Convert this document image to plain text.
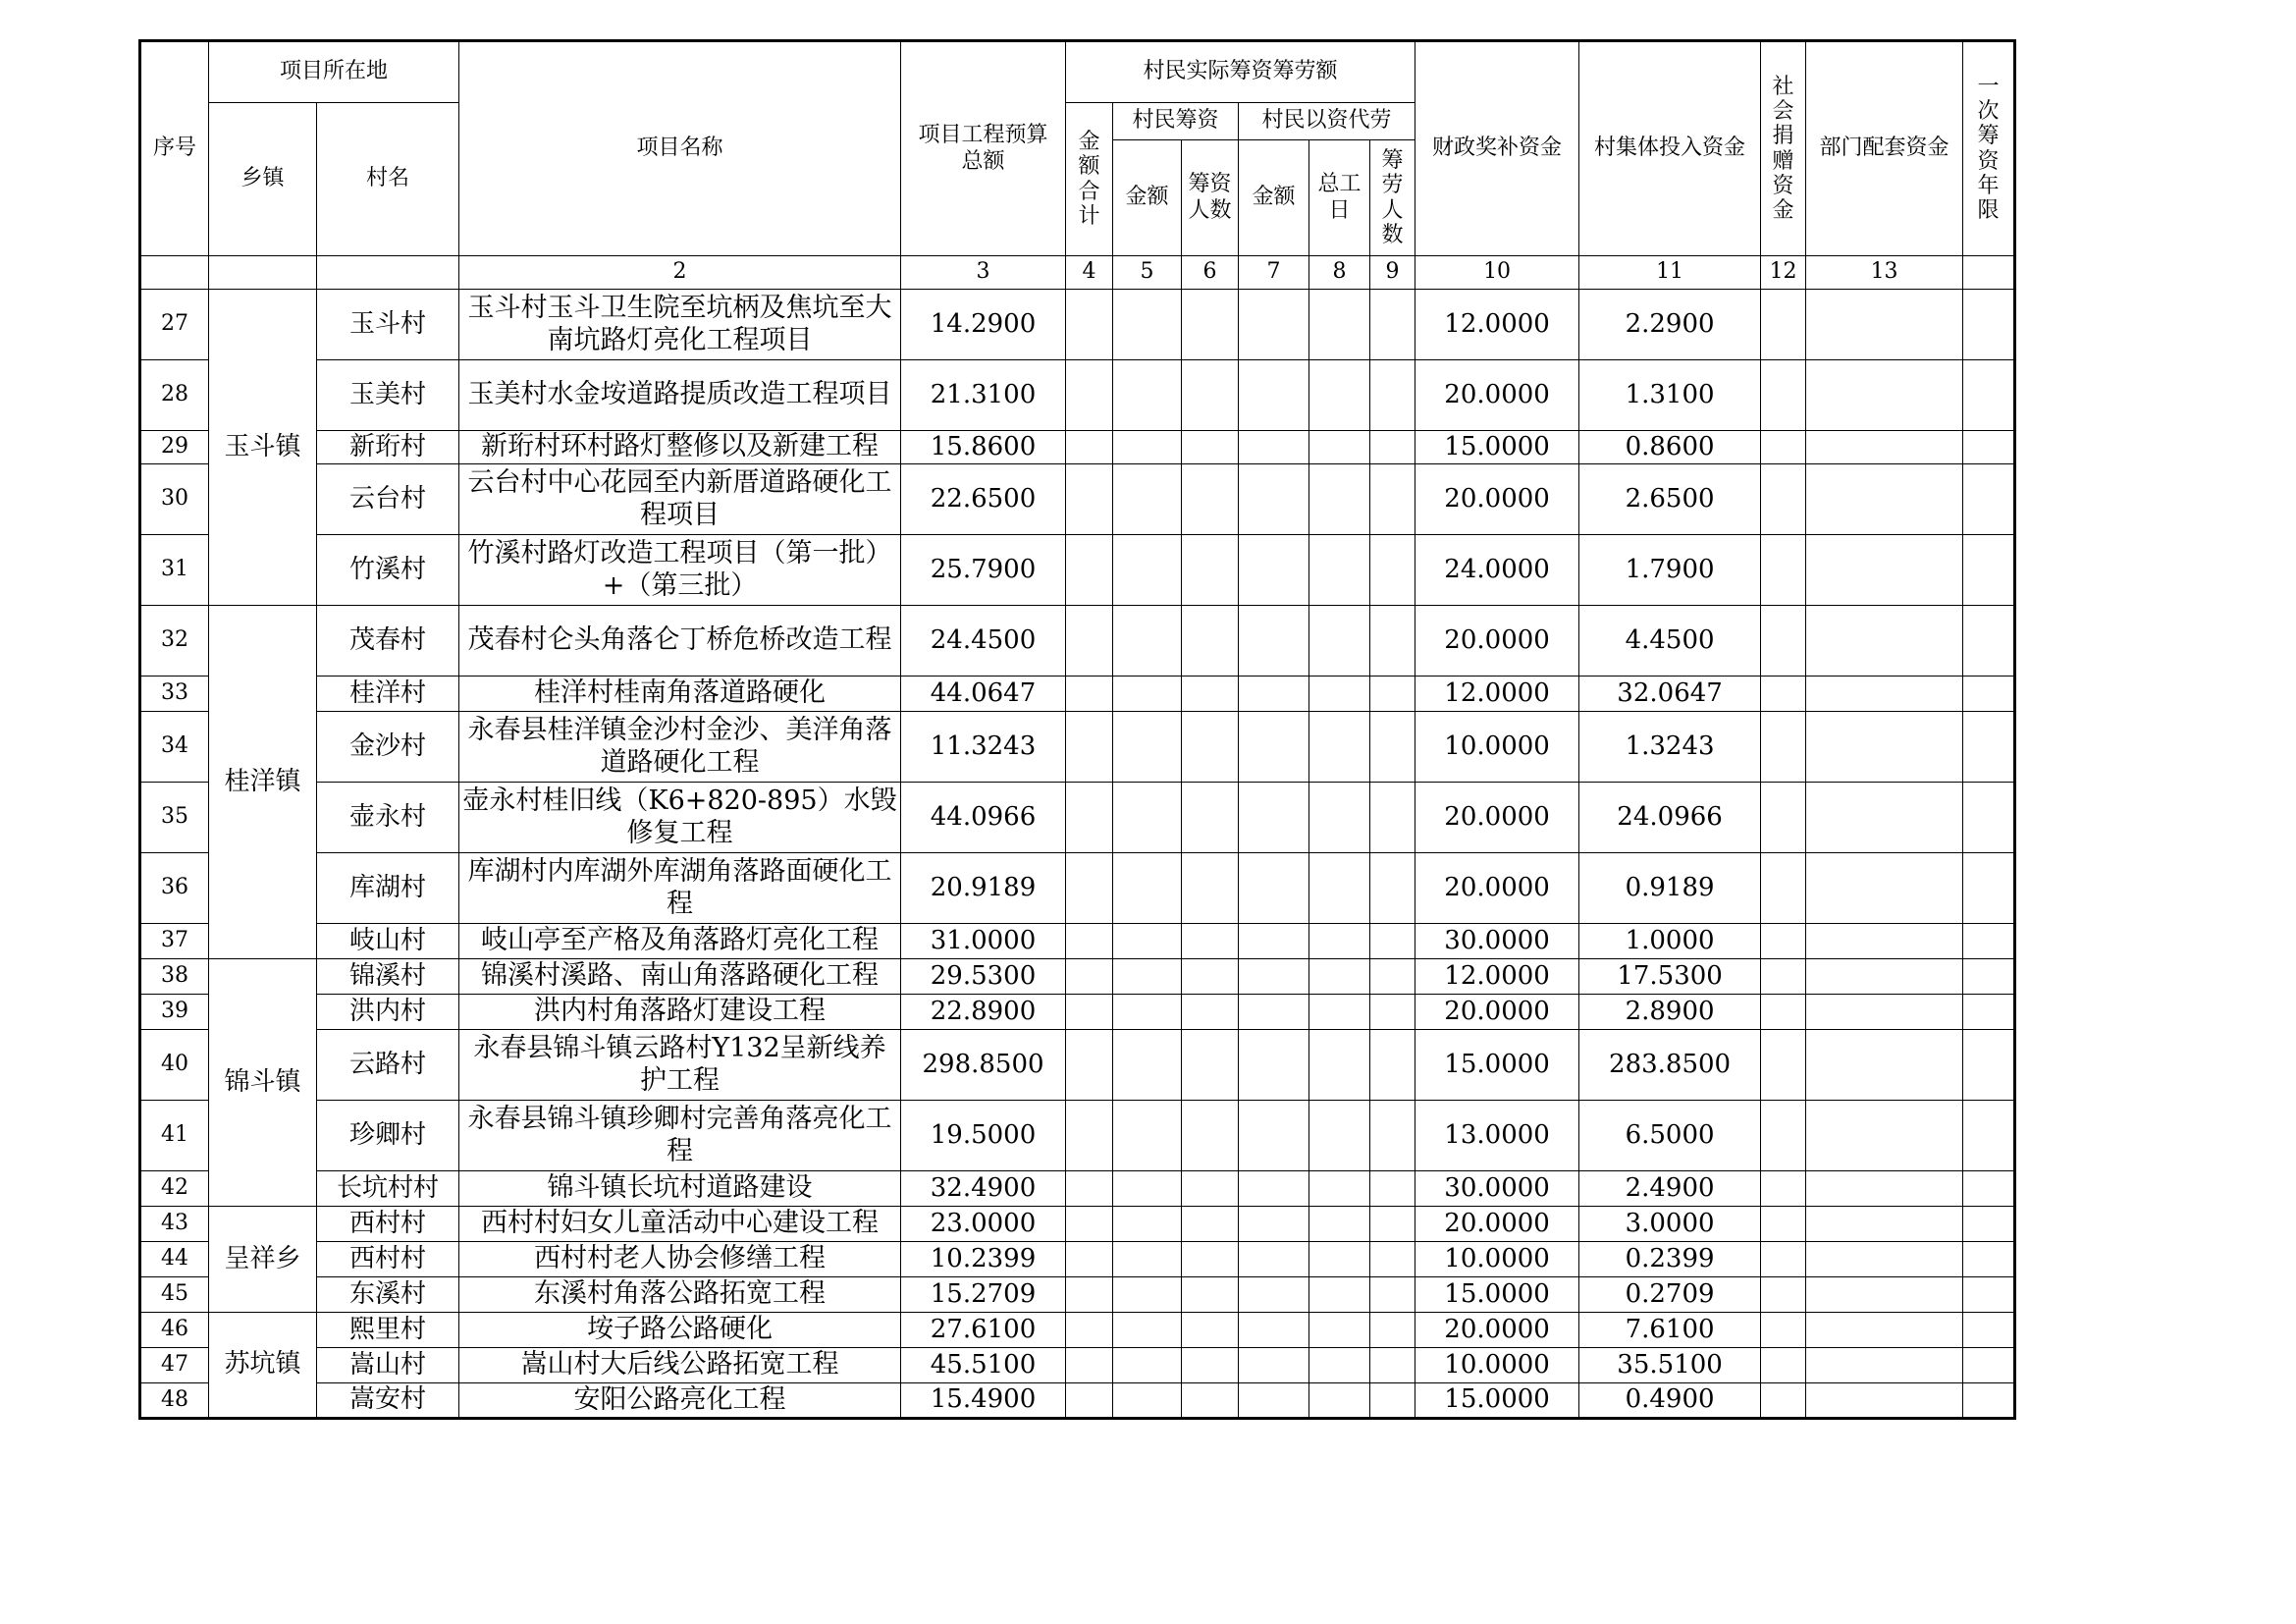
序号	项目所在地		项目名称	项目工程预算总额	村民实际筹资筹劳额						财政奖补资金	村集体投入资金	社会捐赠资金	部门配套资金	一次筹资年限

	乡镇	村名			金额合计	村民筹资		村民以资代劳							
						金额	筹资人数	金额	总工日	筹劳人数					

			2	3	4	5	6	7	8	9	10	11	12	13	
27	玉斗镇	玉斗村	玉斗村玉斗卫生院至坑柄及焦坑至大南坑路灯亮化工程项目	14.2900							12.0000	2.2900			
28		玉美村	玉美村水金垵道路提质改造工程项目	21.3100							20.0000	1.3100			
29		新珩村	新珩村环村路灯整修以及新建工程	15.8600							15.0000	0.8600			
30		云台村	云台村中心花园至内新厝道路硬化工程项目	22.6500							20.0000	2.6500			
31		竹溪村	竹溪村路灯改造工程项目（第一批）+（第三批）	25.7900							24.0000	1.7900			
32	桂洋镇	茂春村	茂春村仑头角落仑丁桥危桥改造工程	24.4500							20.0000	4.4500			
33		桂洋村	桂洋村桂南角落道路硬化	44.0647							12.0000	32.0647			
34		金沙村	永春县桂洋镇金沙村金沙、美洋角落道路硬化工程	11.3243							10.0000	1.3243			
35		壶永村	壶永村桂旧线（K6+820-895）水毁修复工程	44.0966							20.0000	24.0966			
36		库湖村	库湖村内库湖外库湖角落路面硬化工程	20.9189							20.0000	0.9189			
37		岐山村	岐山亭至产格及角落路灯亮化工程	31.0000							30.0000	1.0000			
38	锦斗镇	锦溪村	锦溪村溪路、南山角落路硬化工程	29.5300							12.0000	17.5300			
39		洪内村	洪内村角落路灯建设工程	22.8900							20.0000	2.8900			
40		云路村	永春县锦斗镇云路村Y132呈新线养护工程	298.8500							15.0000	283.8500			
41		珍卿村	永春县锦斗镇珍卿村完善角落亮化工程	19.5000							13.0000	6.5000			
42		长坑村村	锦斗镇长坑村道路建设	32.4900							30.0000	2.4900			
43	呈祥乡	西村村	西村村妇女儿童活动中心建设工程	23.0000							20.0000	3.0000			
44		西村村	西村村老人协会修缮工程	10.2399							10.0000	0.2399			
45		东溪村	东溪村角落公路拓宽工程	15.2709							15.0000	0.2709			
46	苏坑镇	熙里村	垵子路公路硬化	27.6100							20.0000	7.6100			
47		嵩山村	嵩山村大后线公路拓宽工程	45.5100							10.0000	35.5100			
48		嵩安村	安阳公路亮化工程	15.4900							15.0000	0.4900			
